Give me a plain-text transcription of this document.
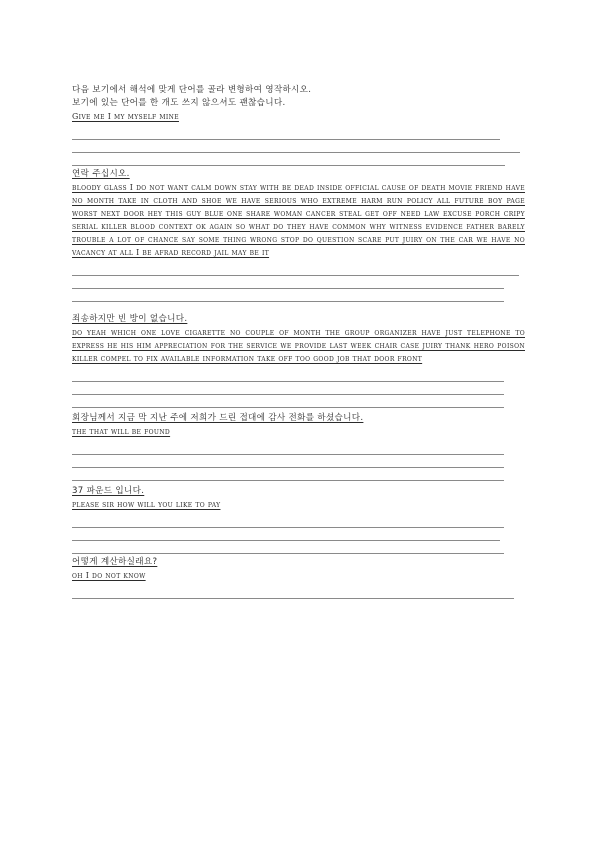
다음 보기에서 해석에 맞게 단어를 골라 변형하여 영작하시오.
보기에 있는 단어를 한 개도 쓰지 않으셔도 괜찮습니다.
Give me I my myself mine
연락 주십시오.
bloody glass I do not want calm down stay with be dead inside official cause of death movie friend have no month take in cloth and shoe we have serious who extreme harm run policy all future boy page worst next door hey this guy blue one share woman cancer steal get off need law excuse porch cripy serial killer blood context ok again so what do they have common why witness evidence father barely trouble a lot of chance say some thing wrong stop do question scare put juiry on the car we have no vacancy at all I be afrad record jail may be it
죄송하지만 빈 방이 없습니다.
do yeah which one love cigarette no couple of month the group organizer have just telephone to express he his him appreciation for the service we provide last week chair case juiry thank hero poison killer compel to fix available information take off too good job that door front
회장님께서 지금 막 지난 주에 저희가 드린 접대에 감사 전화를 하셨습니다.
the that will be found
37 파운드 입니다.
please sir how will you like to pay
어떻게 계산하실래요?
oh I do not know
